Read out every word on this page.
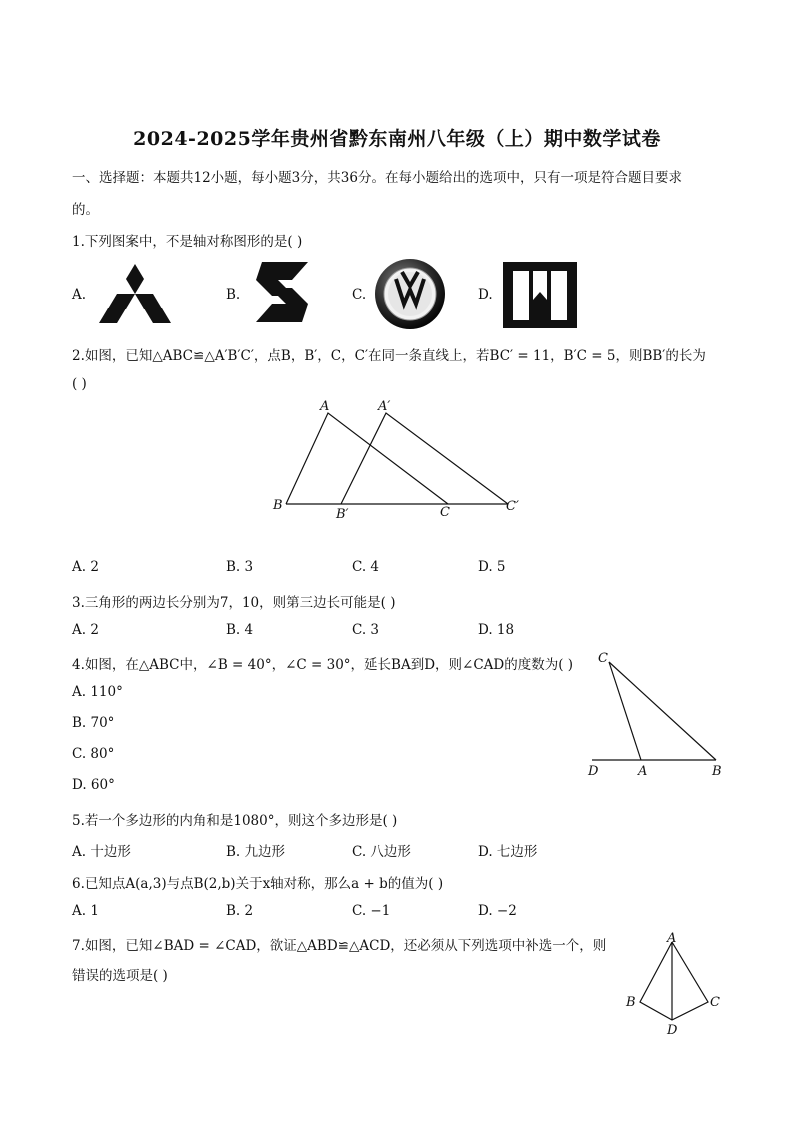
2024-2025学年贵州省黔东南州八年级（上）期中数学试卷
一、选择题：本题共12小题，每小题3分，共36分。在每小题给出的选项中，只有一项是符合题目要求
的。
1.下列图案中，不是轴对称图形的是( )
A.	B.	C.	D.
2.如图，已知△ABC≌△A′B′C′，点B，B′，C，C′在同一条直线上，若BC′ = 11，B′C = 5，则BB′的长为
( )
A	A′
B
B′	C	C′
A. 2	B. 3	C. 4	D. 5
3.三角形的两边长分别为7，10，则第三边长可能是( )
A. 2	B. 4	C. 3	D. 18
4.如图，在△ABC中，∠B = 40°，∠C = 30°，延长BA到D，则∠CAD的度数为( )
A. 110°
B. 70°
C. 80°
D. 60°
C
D	A	B
5.若一个多边形的内角和是1080°，则这个多边形是( )
A. 十边形	B. 九边形	C. 八边形	D. 七边形
6.已知点A(a,3)与点B(2,b)关于x轴对称，那么a + b的值为( )
A. 1	B. 2	C. −1	D. −2
7.如图，已知∠BAD = ∠CAD，欲证△ABD≌△ACD，还必须从下列选项中补选一个，则
错误的选项是( )
A
B	C
D
